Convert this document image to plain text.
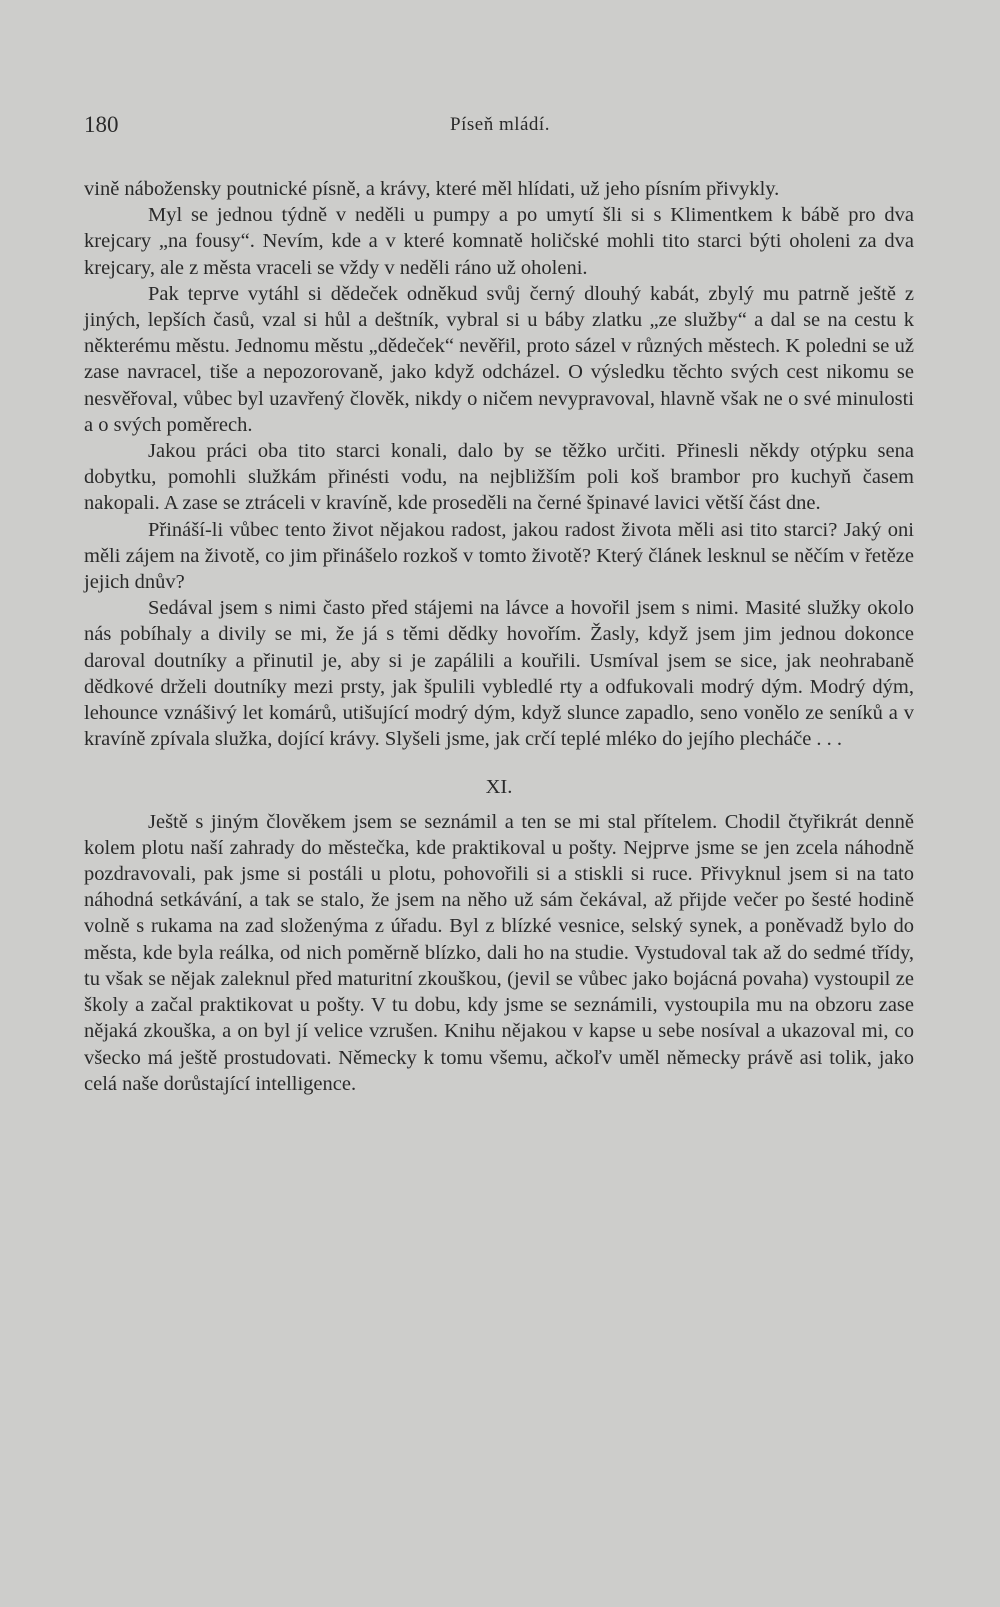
180	Píseň mládí.

vině nábožensky poutnické písně, a krávy, které měl hlídati, už jeho písním přivykly.

Myl se jednou týdně v neděli u pumpy a po umytí šli si s Klimentkem k bábě pro dva krejcary „na fousy“. Nevím, kde a v které komnatě holičské mohli tito starci býti oholeni za dva krejcary, ale z města vraceli se vždy v neděli ráno už oholeni.

Pak teprve vytáhl si dědeček odněkud svůj černý dlouhý kabát, zbylý mu patrně ještě z jiných, lepších časů, vzal si hůl a deštník, vybral si u báby zlatku „ze služby“ a dal se na cestu k některému městu. Jednomu městu „dědeček“ nevěřil, proto sázel v různých městech. K poledni se už zase navracel, tiše a nepozorovaně, jako když odcházel. O výsledku těchto svých cest nikomu se nesvěřoval, vůbec byl uzavřený člověk, nikdy o ničem nevypravoval, hlavně však ne o své minulosti a o svých poměrech.

Jakou práci oba tito starci konali, dalo by se těžko určiti. Přinesli někdy otýpku sena dobytku, pomohli služkám přinésti vodu, na nejbližším poli koš brambor pro kuchyň časem nakopali. A zase se ztráceli v kravíně, kde proseděli na černé špinavé lavici větší část dne.

Přináší-li vůbec tento život nějakou radost, jakou radost života měli asi tito starci? Jaký oni měli zájem na životě, co jim přinášelo rozkoš v tomto životě? Který článek lesknul se něčím v řetěze jejich dnův?

Sedával jsem s nimi často před stájemi na lávce a hovořil jsem s nimi. Masité služky okolo nás pobíhaly a divily se mi, že já s těmi dědky hovořím. Žasly, když jsem jim jednou dokonce daroval doutníky a přinutil je, aby si je zapálili a kouřili. Usmíval jsem se sice, jak neohrabaně dědkové drželi doutníky mezi prsty, jak špulili vybledlé rty a odfukovali modrý dým. Modrý dým, lehounce vznášivý let komárů, utišující modrý dým, když slunce zapadlo, seno vonělo ze seníků a v kravíně zpívala služka, dojící krávy. Slyšeli jsme, jak crčí teplé mléko do jejího plecháče . . .

XI.

Ještě s jiným člověkem jsem se seznámil a ten se mi stal přítelem. Chodil čtyřikrát denně kolem plotu naší zahrady do městečka, kde praktikoval u pošty. Nejprve jsme se jen zcela náhodně pozdravovali, pak jsme si postáli u plotu, pohovořili si a stiskli si ruce. Přivyknul jsem si na tato náhodná setkávání, a tak se stalo, že jsem na něho už sám čekával, až přijde večer po šesté hodině volně s rukama na zad složenýma z úřadu. Byl z blízké vesnice, selský synek, a poněvadž bylo do města, kde byla reálka, od nich poměrně blízko, dali ho na studie. Vystudoval tak až do sedmé třídy, tu však se nějak zaleknul před maturitní zkouškou, (jevil se vůbec jako bojácná povaha) vystoupil ze školy a začal praktikovat u pošty. V tu dobu, kdy jsme se seznámili, vystoupila mu na obzoru zase nějaká zkouška, a on byl jí velice vzrušen. Knihu nějakou v kapse u sebe nosíval a ukazoval mi, co všecko má ještě prostudovati. Německy k tomu všemu, ačkoľv uměl německy právě asi tolik, jako celá naše dorůstající intelligence.
